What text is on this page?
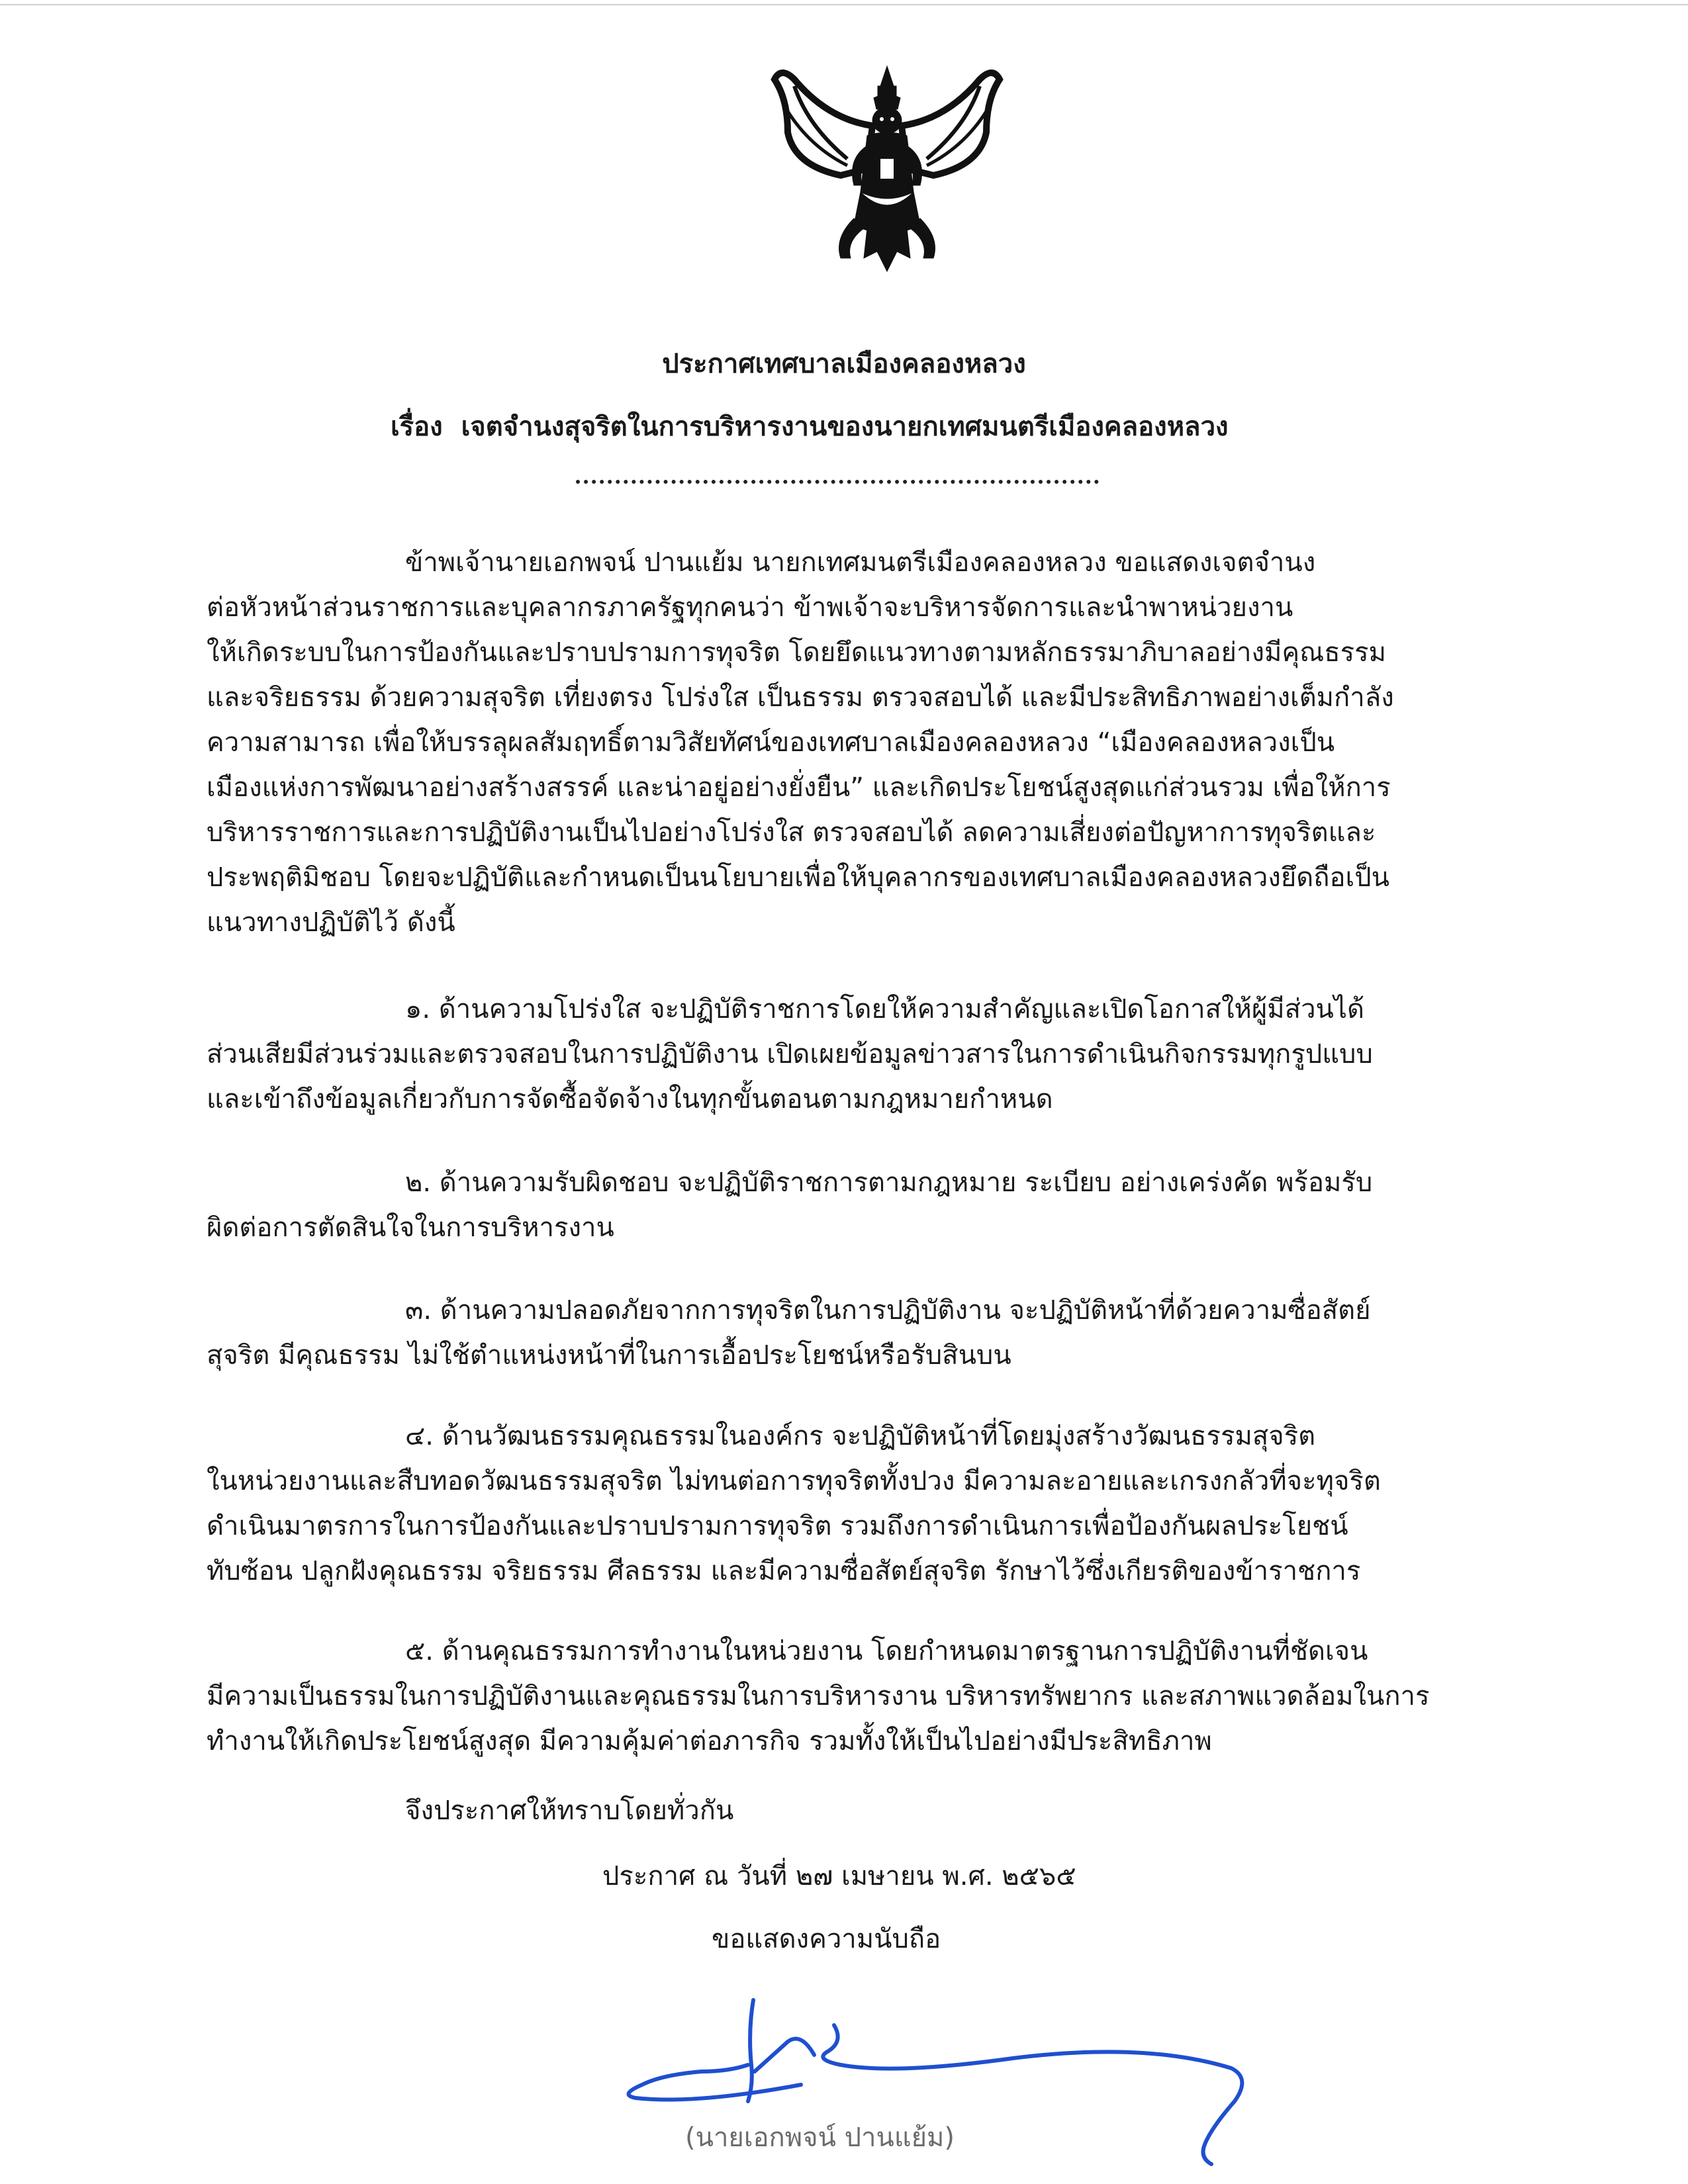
ประกาศเทศบาลเมืองคลองหลวง
เรื่อง เจตจำนงสุจริตในการบริหารงานของนายกเทศมนตรีเมืองคลองหลวง
ข้าพเจ้านายเอกพจน์ ปานแย้ม นายกเทศมนตรีเมืองคลองหลวง ขอแสดงเจตจำนง
ต่อหัวหน้าส่วนราชการและบุคลากรภาครัฐทุกคนว่า ข้าพเจ้าจะบริหารจัดการและนำพาหน่วยงาน
ให้เกิดระบบในการป้องกันและปราบปรามการทุจริต โดยยึดแนวทางตามหลักธรรมาภิบาลอย่างมีคุณธรรม
และจริยธรรม ด้วยความสุจริต เที่ยงตรง โปร่งใส เป็นธรรม ตรวจสอบได้ และมีประสิทธิภาพอย่างเต็มกำลัง
ความสามารถ เพื่อให้บรรลุผลสัมฤทธิ์ตามวิสัยทัศน์ของเทศบาลเมืองคลองหลวง “เมืองคลองหลวงเป็น
เมืองแห่งการพัฒนาอย่างสร้างสรรค์ และน่าอยู่อย่างยั่งยืน” และเกิดประโยชน์สูงสุดแก่ส่วนรวม เพื่อให้การ
บริหารราชการและการปฏิบัติงานเป็นไปอย่างโปร่งใส ตรวจสอบได้ ลดความเสี่ยงต่อปัญหาการทุจริตและ
ประพฤติมิชอบ โดยจะปฏิบัติและกำหนดเป็นนโยบายเพื่อให้บุคลากรของเทศบาลเมืองคลองหลวงยึดถือเป็น
แนวทางปฏิบัติไว้ ดังนี้
๑. ด้านความโปร่งใส จะปฏิบัติราชการโดยให้ความสำคัญและเปิดโอกาสให้ผู้มีส่วนได้
ส่วนเสียมีส่วนร่วมและตรวจสอบในการปฏิบัติงาน เปิดเผยข้อมูลข่าวสารในการดำเนินกิจกรรมทุกรูปแบบ
และเข้าถึงข้อมูลเกี่ยวกับการจัดซื้อจัดจ้างในทุกขั้นตอนตามกฎหมายกำหนด
๒. ด้านความรับผิดชอบ จะปฏิบัติราชการตามกฎหมาย ระเบียบ อย่างเคร่งคัด พร้อมรับ
ผิดต่อการตัดสินใจในการบริหารงาน
๓. ด้านความปลอดภัยจากการทุจริตในการปฏิบัติงาน จะปฏิบัติหน้าที่ด้วยความซื่อสัตย์
สุจริต มีคุณธรรม ไม่ใช้ตำแหน่งหน้าที่ในการเอื้อประโยชน์หรือรับสินบน
๔. ด้านวัฒนธรรมคุณธรรมในองค์กร จะปฏิบัติหน้าที่โดยมุ่งสร้างวัฒนธรรมสุจริต
ในหน่วยงานและสืบทอดวัฒนธรรมสุจริต ไม่ทนต่อการทุจริตทั้งปวง มีความละอายและเกรงกลัวที่จะทุจริต
ดำเนินมาตรการในการป้องกันและปราบปรามการทุจริต รวมถึงการดำเนินการเพื่อป้องกันผลประโยชน์
ทับซ้อน ปลูกฝังคุณธรรม จริยธรรม ศีลธรรม และมีความซื่อสัตย์สุจริต รักษาไว้ซึ่งเกียรติของข้าราชการ
๕. ด้านคุณธรรมการทำงานในหน่วยงาน โดยกำหนดมาตรฐานการปฏิบัติงานที่ชัดเจน
มีความเป็นธรรมในการปฏิบัติงานและคุณธรรมในการบริหารงาน บริหารทรัพยากร และสภาพแวดล้อมในการ
ทำงานให้เกิดประโยชน์สูงสุด มีความคุ้มค่าต่อภารกิจ รวมทั้งให้เป็นไปอย่างมีประสิทธิภาพ
จึงประกาศให้ทราบโดยทั่วกัน
ประกาศ ณ วันที่ ๒๗ เมษายน พ.ศ. ๒๕๖๕
ขอแสดงความนับถือ
(นายเอกพจน์ ปานแย้ม)
